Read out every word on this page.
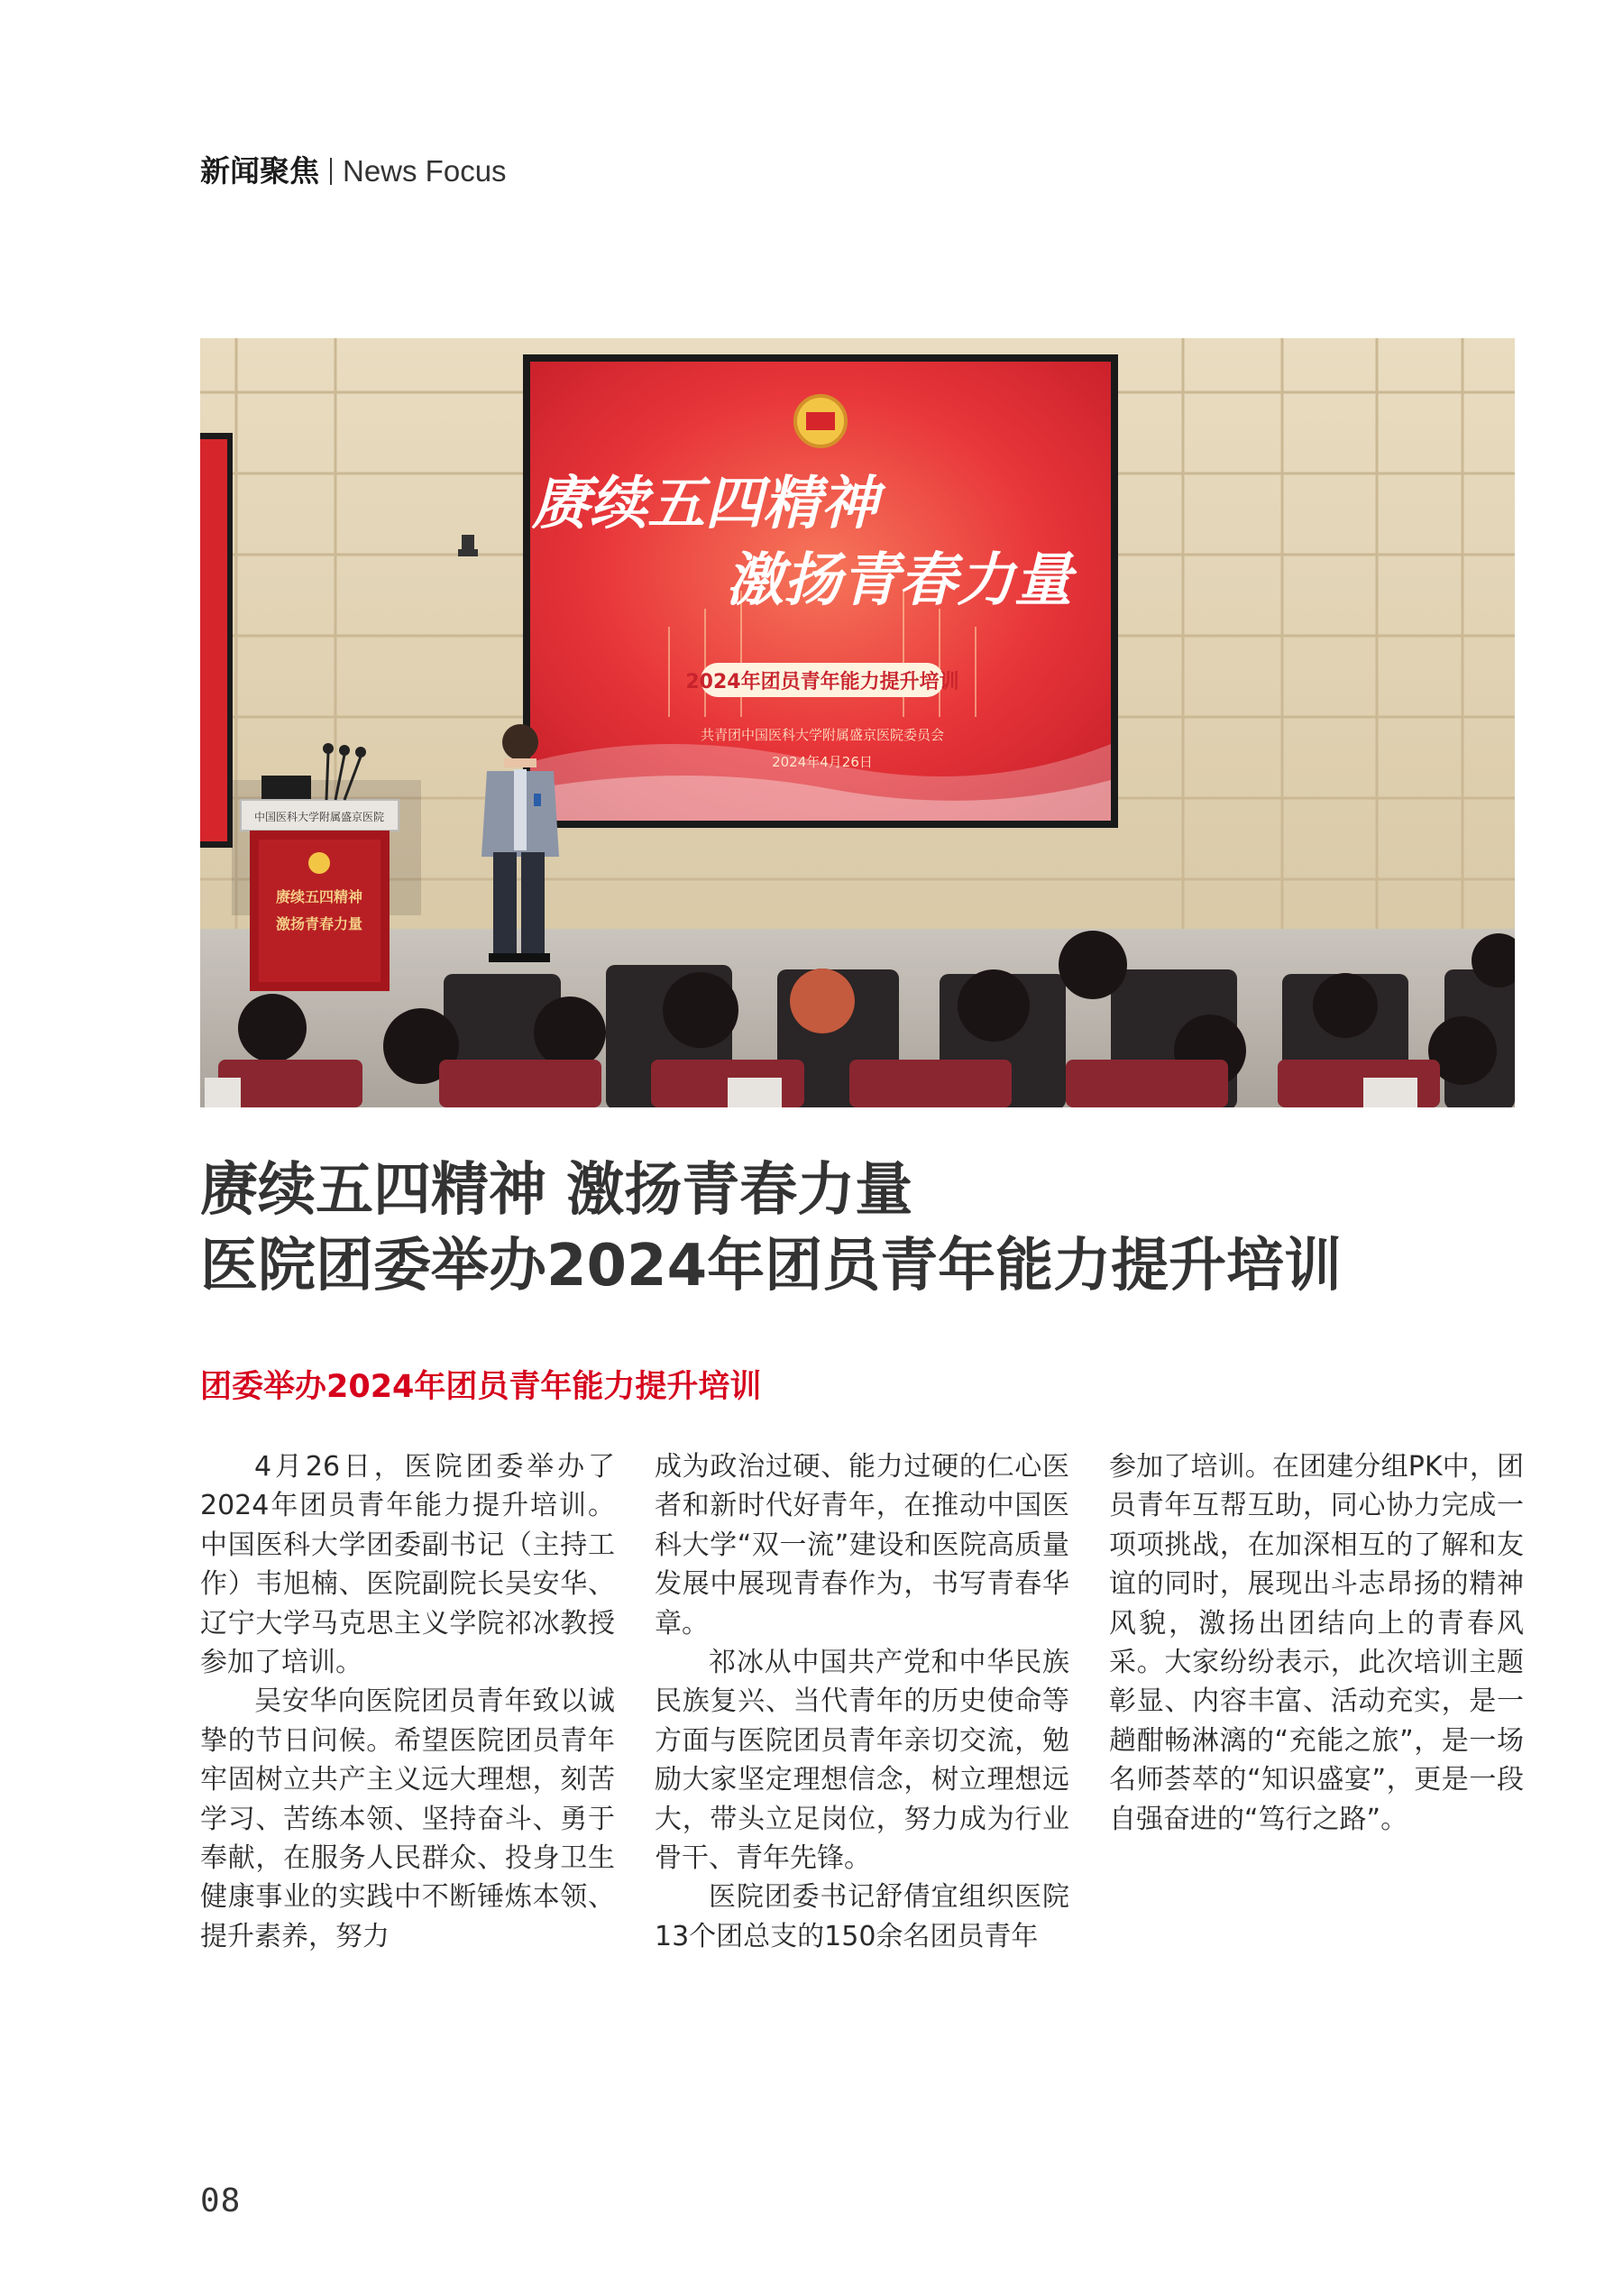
新闻聚焦 News Focus
赓续五四精神
激扬青春力量
2024年团员青年能力提升培训
共青团中国医科大学附属盛京医院委员会
2024年4月26日
中国医科大学附属盛京医院
赓续五四精神
激扬青春力量
赓续五四精神 激扬青春力量
医院团委举办2024年团员青年能力提升培训
团委举办2024年团员青年能力提升培训

4月26日，医院团委举办了2024年团员青年能力提升培训。中国医科大学团委副书记（主持工作）韦旭楠、医院副院长吴安华、辽宁大学马克思主义学院祁冰教授参加了培训。

吴安华向医院团员青年致以诚挚的节日问候。希望医院团员青年牢固树立共产主义远大理想，刻苦学习、苦练本领、坚持奋斗、勇于奉献，在服务人民群众、投身卫生健康事业的实践中不断锤炼本领、提升素养，努力

成为政治过硬、能力过硬的仁心医者和新时代好青年，在推动中国医科大学“双一流”建设和医院高质量发展中展现青春作为，书写青春华章。

祁冰从中国共产党和中华民族民族复兴、当代青年的历史使命等方面与医院团员青年亲切交流，勉励大家坚定理想信念，树立理想远大，带头立足岗位，努力成为行业骨干、青年先锋。

医院团委书记舒倩宜组织医院13个团总支的150余名团员青年

参加了培训。在团建分组PK中，团员青年互帮互助，同心协力完成一项项挑战，在加深相互的了解和友谊的同时，展现出斗志昂扬的精神风貌，激扬出团结向上的青春风采。大家纷纷表示，此次培训主题彰显、内容丰富、活动充实，是一趟酣畅淋漓的“充能之旅”，是一场名师荟萃的“知识盛宴”，更是一段自强奋进的“笃行之路”。

08
